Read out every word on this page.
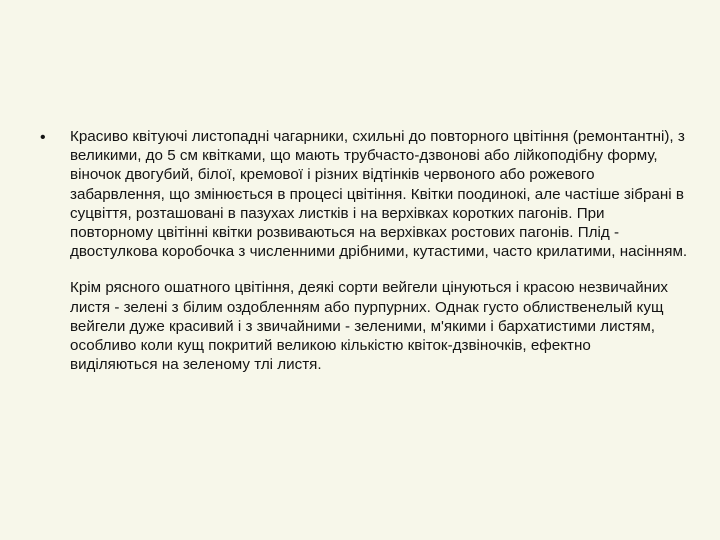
•	Красиво квітуючі листопадні чагарники, схильні до повторного цвітіння (ремонтантні), з великими, до 5 см квітками, що мають трубчасто-дзвонові або лійкоподібну форму, віночок двогубий, білої, кремової і різних відтінків червоного або рожевого забарвлення, що змінюється в процесі цвітіння. Квітки поодинокі, але частіше зібрані в суцвіття, розташовані в пазухах листків і на верхівках коротких пагонів. При повторному цвітінні квітки розвиваються на верхівках ростових пагонів. Плід - двостулкова коробочка з численними дрібними, кутастими, часто крилатими, насінням.

Крім рясного ошатного цвітіння, деякі сорти вейгели цінуються і красою незвичайних листя - зелені з білим оздобленням або пурпурних. Однак густо облиственелый кущ вейгели дуже красивий і з звичайними - зеленими, м'якими і бархатистими листям, особливо коли кущ покритий великою кількістю квіток-дзвіночків, ефектно виділяються на зеленому тлі листя.
